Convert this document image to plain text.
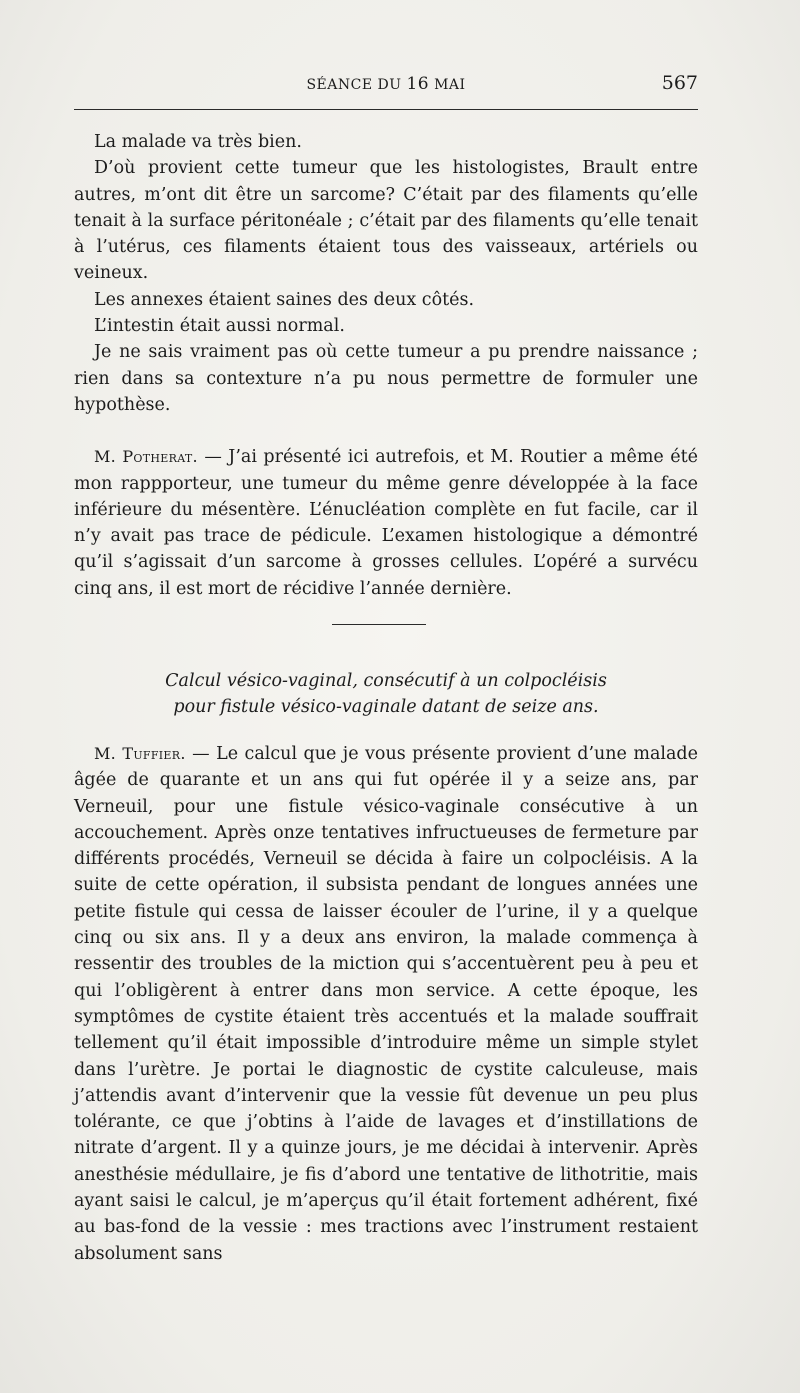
SÉANCE DU 16 MAI	567

La malade va très bien.

D’où provient cette tumeur que les histologistes, Brault entre autres, m’ont dit être un sarcome? C’était par des filaments qu’elle tenait à la surface péritonéale ; c’était par des filaments qu’elle tenait à l’utérus, ces filaments étaient tous des vaisseaux, artériels ou veineux.

Les annexes étaient saines des deux côtés.

L’intestin était aussi normal.

Je ne sais vraiment pas où cette tumeur a pu prendre naissance ; rien dans sa contexture n’a pu nous permettre de formuler une hypothèse.

M. Potherat. — J’ai présenté ici autrefois, et M. Routier a même été mon rappporteur, une tumeur du même genre développée à la face inférieure du mésentère. L’énucléation complète en fut facile, car il n’y avait pas trace de pédicule. L’examen histologique a démontré qu’il s’agissait d’un sarcome à grosses cellules. L’opéré a survécu cinq ans, il est mort de récidive l’année dernière.

Calcul vésico-vaginal, consécutif à un colpocléisis
pour fistule vésico-vaginale datant de seize ans.

M. Tuffier. — Le calcul que je vous présente provient d’une malade âgée de quarante et un ans qui fut opérée il y a seize ans, par Verneuil, pour une fistule vésico-vaginale consécutive à un accouchement. Après onze tentatives infructueuses de fermeture par différents procédés, Verneuil se décida à faire un colpocléisis. A la suite de cette opération, il subsista pendant de longues années une petite fistule qui cessa de laisser écouler de l’urine, il y a quelque cinq ou six ans. Il y a deux ans environ, la malade commença à ressentir des troubles de la miction qui s’accentuèrent peu à peu et qui l’obligèrent à entrer dans mon service. A cette époque, les symptômes de cystite étaient très accentués et la malade souffrait tellement qu’il était impossible d’introduire même un simple stylet dans l’urètre. Je portai le diagnostic de cystite calculeuse, mais j’attendis avant d’intervenir que la vessie fût devenue un peu plus tolérante, ce que j’obtins à l’aide de lavages et d’instillations de nitrate d’argent. Il y a quinze jours, je me décidai à intervenir. Après anesthésie médullaire, je fis d’abord une tentative de lithotritie, mais ayant saisi le calcul, je m’aperçus qu’il était fortement adhérent, fixé au bas-fond de la vessie : mes tractions avec l’instrument restaient absolument sans
